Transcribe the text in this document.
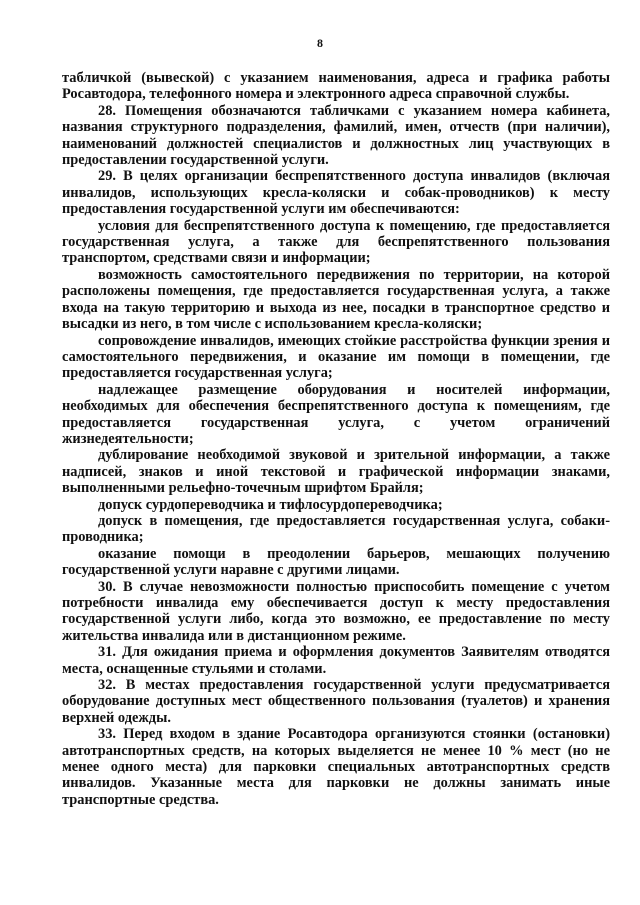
8

табличкой (вывеской) с указанием наименования, адреса и графика работы Росавтодора, телефонного номера и электронного адреса справочной службы.

28. Помещения обозначаются табличками с указанием номера кабинета, названия структурного подразделения, фамилий, имен, отчеств (при наличии), наименований должностей специалистов и должностных лиц участвующих в предоставлении государственной услуги.

29. В целях организации беспрепятственного доступа инвалидов (включая инвалидов, использующих кресла-коляски и собак-проводников) к месту предоставления государственной услуги им обеспечиваются:

условия для беспрепятственного доступа к помещению, где предоставляется государственная услуга, а также для беспрепятственного пользования транспортом, средствами связи и информации;

возможность самостоятельного передвижения по территории, на которой расположены помещения, где предоставляется государственная услуга, а также входа на такую территорию и выхода из нее, посадки в транспортное средство и высадки из него, в том числе с использованием кресла-коляски;

сопровождение инвалидов, имеющих стойкие расстройства функции зрения и самостоятельного передвижения, и оказание им помощи в помещении, где предоставляется государственная услуга;

надлежащее размещение оборудования и носителей информации, необходимых для обеспечения беспрепятственного доступа к помещениям, где предоставляется государственная услуга, с учетом ограничений жизнедеятельности;

дублирование необходимой звуковой и зрительной информации, а также надписей, знаков и иной текстовой и графической информации знаками, выполненными рельефно-точечным шрифтом Брайля;

допуск сурдопереводчика и тифлосурдопереводчика;

допуск в помещения, где предоставляется государственная услуга, собаки-проводника;

оказание помощи в преодолении барьеров, мешающих получению государственной услуги наравне с другими лицами.

30. В случае невозможности полностью приспособить помещение с учетом потребности инвалида ему обеспечивается доступ к месту предоставления государственной услуги либо, когда это возможно, ее предоставление по месту жительства инвалида или в дистанционном режиме.

31. Для ожидания приема и оформления документов Заявителям отводятся места, оснащенные стульями и столами.

32. В местах предоставления государственной услуги предусматривается оборудование доступных мест общественного пользования (туалетов) и хранения верхней одежды.

33. Перед входом в здание Росавтодора организуются стоянки (остановки) автотранспортных средств, на которых выделяется не менее 10 % мест (но не менее одного места) для парковки специальных автотранспортных средств инвалидов. Указанные места для парковки не должны занимать иные транспортные средства.
